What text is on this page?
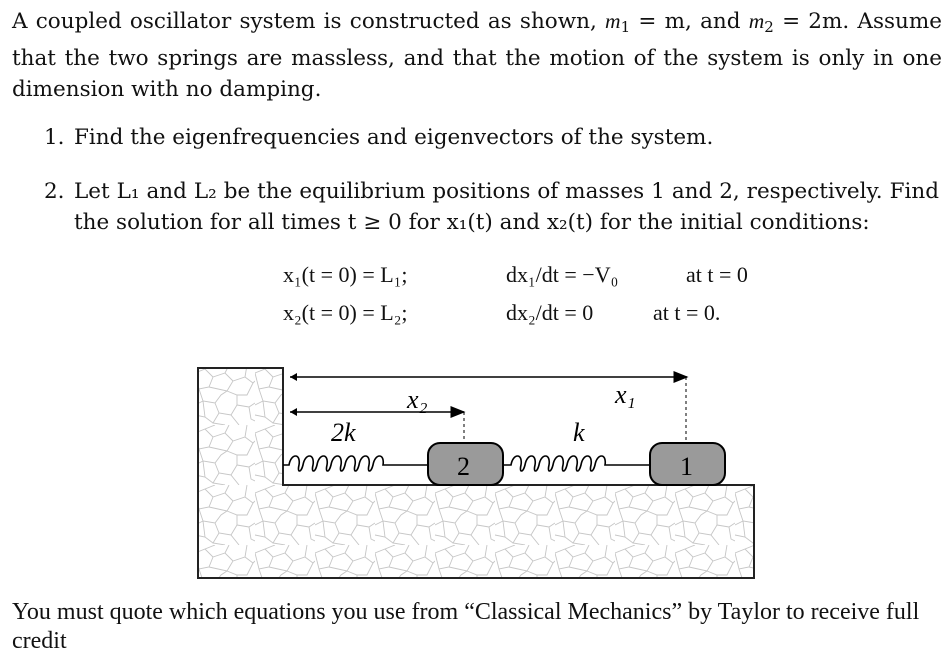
A coupled oscillator system is constructed as shown, $m_1 = m$, and $m_2 = 2m$. Assume that the two springs are massless, and that the motion of the system is only in one dimension with no damping.
1. Find the eigenfrequencies and eigenvectors of the system.
2. Let L₁ and L₂ be the equilibrium positions of masses 1 and 2, respectively. Find the solution for all times t ≥ 0 for x₁(t) and x₂(t) for the initial conditions:
x₁(t = 0) = L₁;	dx₁/dt = −V₀	at t = 0
x₂(t = 0) = L₂;	dx₂/dt = 0	at t = 0.
x₁
x₂
2k	k
2	1
You must quote which equations you use from “Classical Mechanics” by Taylor to receive full credit
